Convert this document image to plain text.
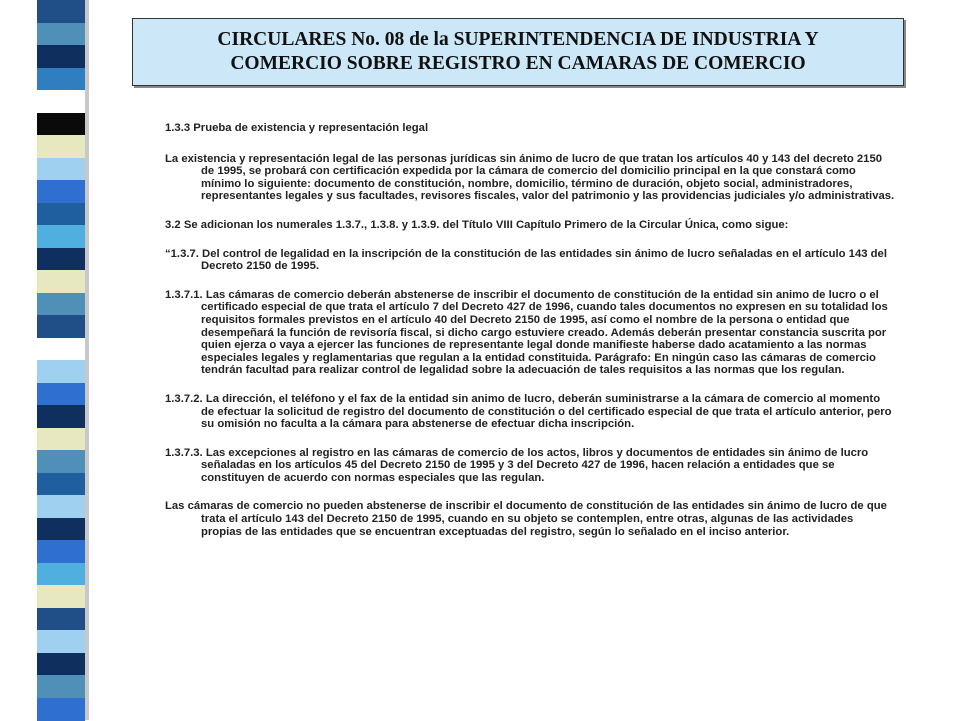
CIRCULARES No. 08 de la SUPERINTENDENCIA DE INDUSTRIA Y
COMERCIO SOBRE REGISTRO EN CAMARAS DE COMERCIO

1.3.3 Prueba de existencia y representación legal

La existencia y representación legal de las personas jurídicas sin ánimo de lucro de que tratan los artículos 40 y 143 del decreto 2150 de 1995, se probará con certificación expedida por la cámara de comercio del domicilio principal en la que constará como mínimo lo siguiente: documento de constitución, nombre, domicilio, término de duración, objeto social, administradores, representantes legales y sus facultades, revisores fiscales, valor del patrimonio y las providencias judiciales y/o administrativas.

3.2 Se adicionan los numerales 1.3.7., 1.3.8. y 1.3.9. del Título VIII Capítulo Primero de la Circular Única, como sigue:

“1.3.7. Del control de legalidad en la inscripción de la constitución de las entidades sin ánimo de lucro señaladas en el artículo 143 del Decreto 2150 de 1995.

1.3.7.1. Las cámaras de comercio deberán abstenerse de inscribir el documento de constitución de la entidad sin animo de lucro o el certificado especial de que trata el artículo 7 del Decreto 427 de 1996, cuando tales documentos no expresen en su totalidad los requisitos formales previstos en el artículo 40 del Decreto 2150 de 1995, así como el nombre de la persona o entidad que desempeñará la función de revisoría fiscal, si dicho cargo estuviere creado. Además deberán presentar constancia suscrita por quien ejerza o vaya a ejercer las funciones de representante legal donde manifieste haberse dado acatamiento a las normas especiales legales y reglamentarias que regulan a la entidad constituida. Parágrafo: En ningún caso las cámaras de comercio tendrán facultad para realizar control de legalidad sobre la adecuación de tales requisitos a las normas que los regulan.

1.3.7.2. La dirección, el teléfono y el fax de la entidad sin animo de lucro, deberán suministrarse a la cámara de comercio al momento de efectuar la solicitud de registro del documento de constitución o del certificado especial de que trata el artículo anterior, pero su omisión no faculta a la cámara para abstenerse de efectuar dicha inscripción.

1.3.7.3. Las excepciones al registro en las cámaras de comercio de los actos, libros y documentos de entidades sin ánimo de lucro señaladas en los artículos 45 del Decreto 2150 de 1995 y 3 del Decreto 427 de 1996, hacen relación a entidades que se constituyen de acuerdo con normas especiales que las regulan.

Las cámaras de comercio no pueden abstenerse de inscribir el documento de constitución de las entidades sin ánimo de lucro de que trata el artículo 143 del Decreto 2150 de 1995, cuando en su objeto se contemplen, entre otras, algunas de las actividades propias de las entidades que se encuentran exceptuadas del registro, según lo señalado en el inciso anterior.
